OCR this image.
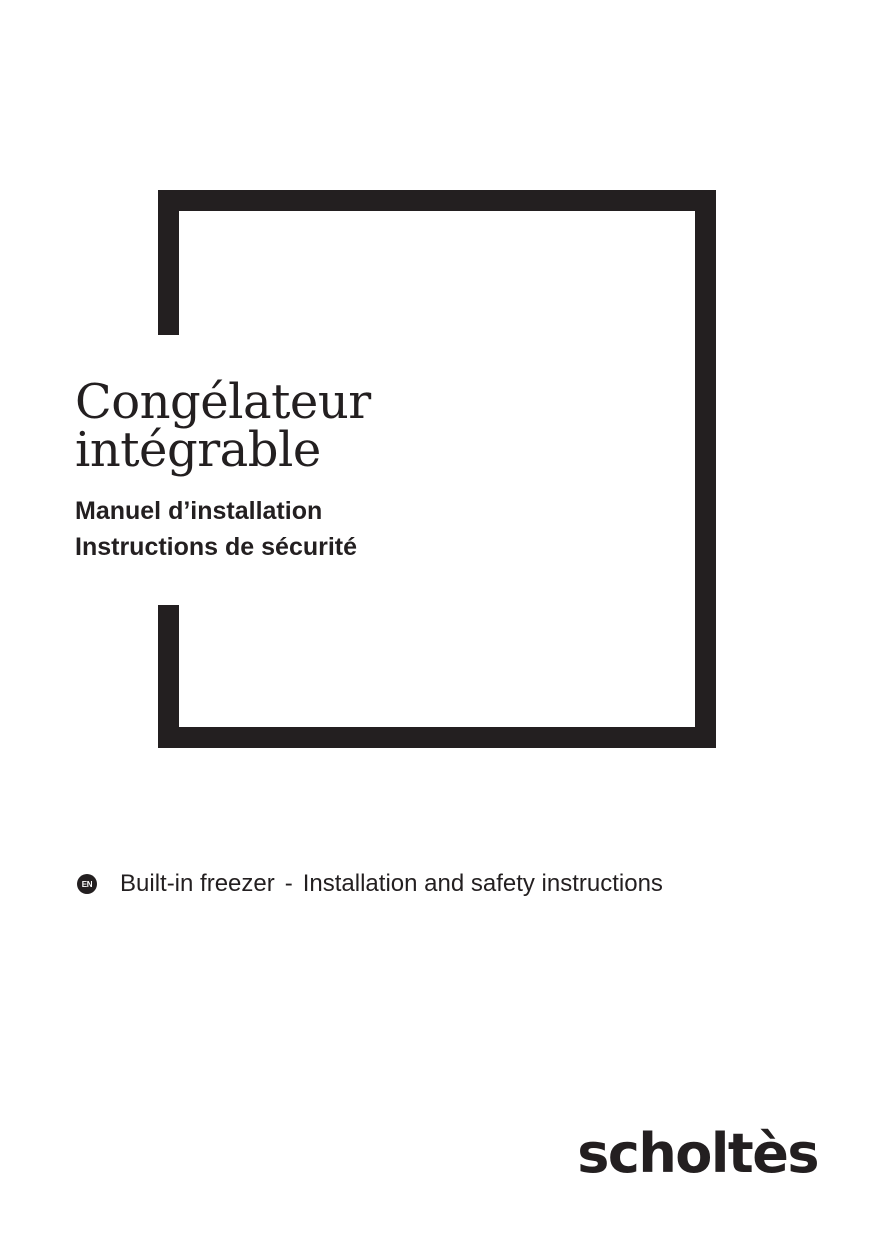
Congélateur
intégrable
Manuel d’installation
Instructions de sécurité
EN Built-in freezer - Installation and safety instructions
scholtès
